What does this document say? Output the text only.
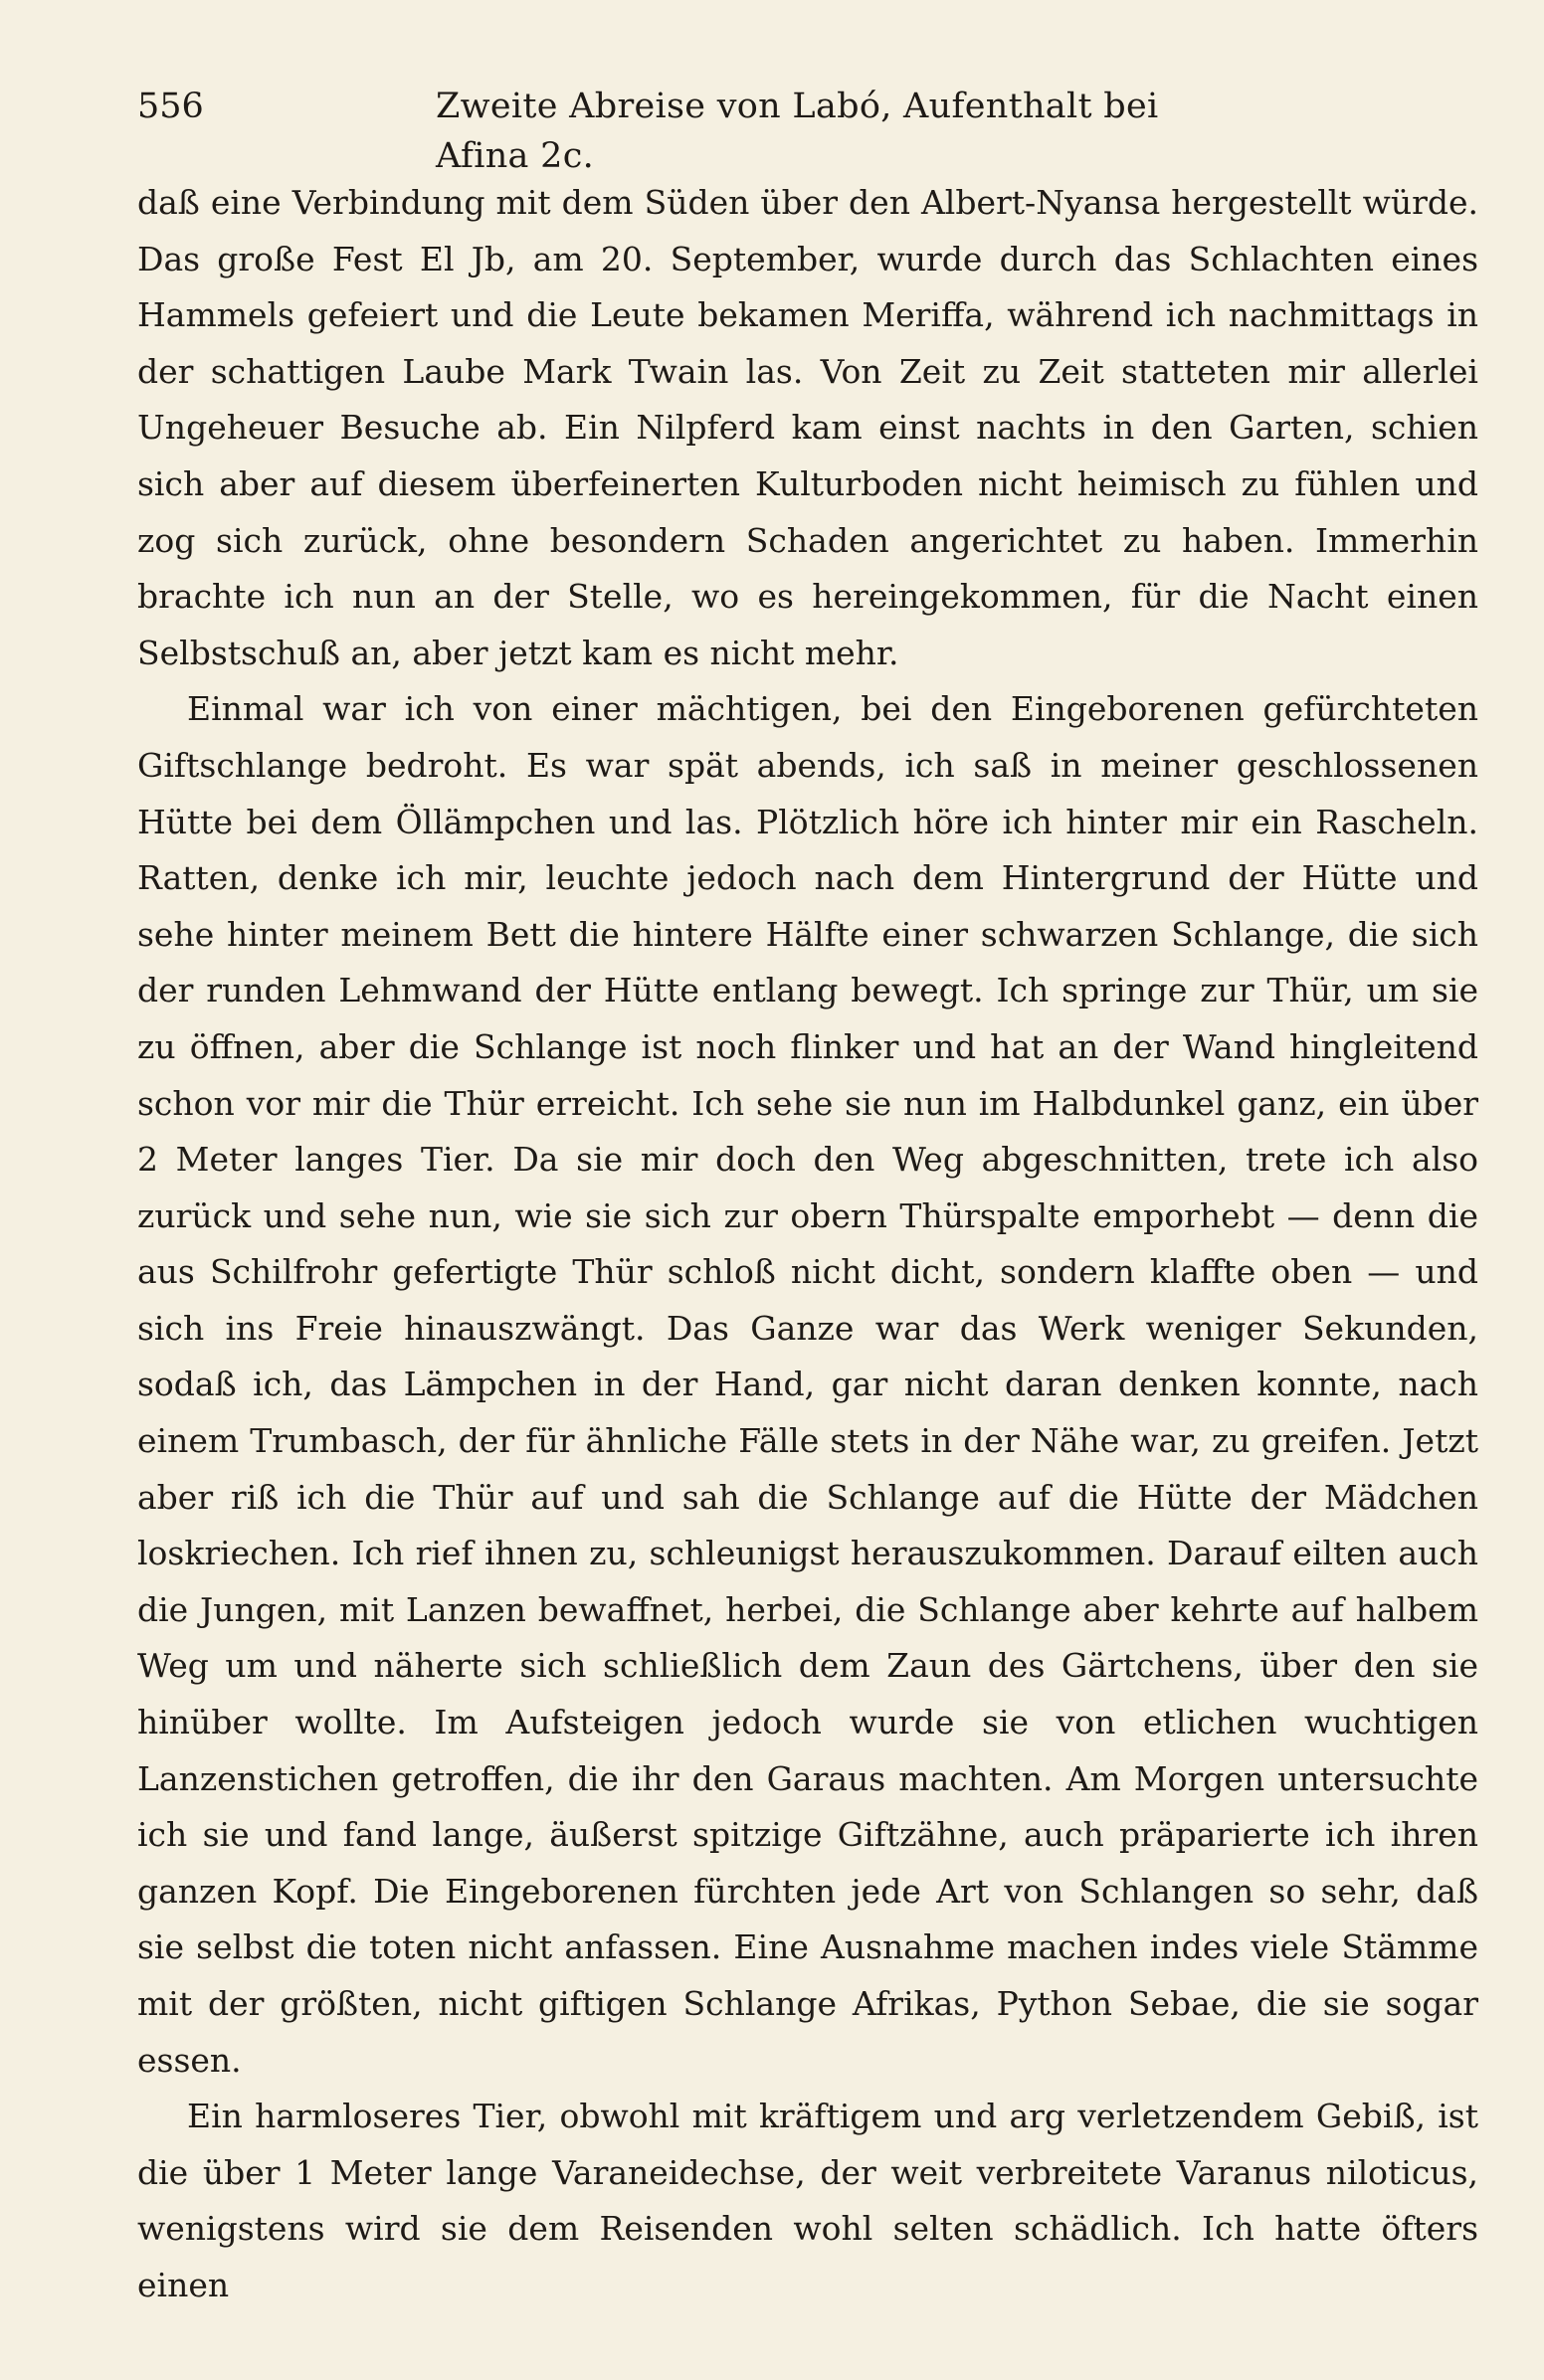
556	Zweite Abreise von Labó, Aufenthalt bei Afina 2c.

daß eine Verbindung mit dem Süden über den Albert-Nyansa hergestellt würde. Das große Fest El Jb, am 20. September, wurde durch das Schlachten eines Hammels gefeiert und die Leute bekamen Meriffa, während ich nachmittags in der schattigen Laube Mark Twain las. Von Zeit zu Zeit statteten mir allerlei Ungeheuer Besuche ab. Ein Nilpferd kam einst nachts in den Garten, schien sich aber auf diesem überfeinerten Kulturboden nicht heimisch zu fühlen und zog sich zurück, ohne besondern Schaden angerichtet zu haben. Immerhin brachte ich nun an der Stelle, wo es hereingekommen, für die Nacht einen Selbstschuß an, aber jetzt kam es nicht mehr.

Einmal war ich von einer mächtigen, bei den Eingeborenen gefürchteten Giftschlange bedroht. Es war spät abends, ich saß in meiner geschlossenen Hütte bei dem Öllämpchen und las. Plötzlich höre ich hinter mir ein Rascheln. Ratten, denke ich mir, leuchte jedoch nach dem Hintergrund der Hütte und sehe hinter meinem Bett die hintere Hälfte einer schwarzen Schlange, die sich der runden Lehmwand der Hütte entlang bewegt. Ich springe zur Thür, um sie zu öffnen, aber die Schlange ist noch flinker und hat an der Wand hingleitend schon vor mir die Thür erreicht. Ich sehe sie nun im Halbdunkel ganz, ein über 2 Meter langes Tier. Da sie mir doch den Weg abgeschnitten, trete ich also zurück und sehe nun, wie sie sich zur obern Thürspalte emporhebt — denn die aus Schilfrohr gefertigte Thür schloß nicht dicht, sondern klaffte oben — und sich ins Freie hinauszwängt. Das Ganze war das Werk weniger Sekunden, sodaß ich, das Lämpchen in der Hand, gar nicht daran denken konnte, nach einem Trumbasch, der für ähnliche Fälle stets in der Nähe war, zu greifen. Jetzt aber riß ich die Thür auf und sah die Schlange auf die Hütte der Mädchen loskriechen. Ich rief ihnen zu, schleunigst herauszukommen. Darauf eilten auch die Jungen, mit Lanzen bewaffnet, herbei, die Schlange aber kehrte auf halbem Weg um und näherte sich schließlich dem Zaun des Gärtchens, über den sie hinüber wollte. Im Aufsteigen jedoch wurde sie von etlichen wuchtigen Lanzenstichen getroffen, die ihr den Garaus machten. Am Morgen untersuchte ich sie und fand lange, äußerst spitzige Giftzähne, auch präparierte ich ihren ganzen Kopf. Die Eingeborenen fürchten jede Art von Schlangen so sehr, daß sie selbst die toten nicht anfassen. Eine Ausnahme machen indes viele Stämme mit der größten, nicht giftigen Schlange Afrikas, Python Sebae, die sie sogar essen.

Ein harmloseres Tier, obwohl mit kräftigem und arg verletzendem Gebiß, ist die über 1 Meter lange Varaneidechse, der weit verbreitete Varanus niloticus, wenigstens wird sie dem Reisenden wohl selten schädlich. Ich hatte öfters einen
